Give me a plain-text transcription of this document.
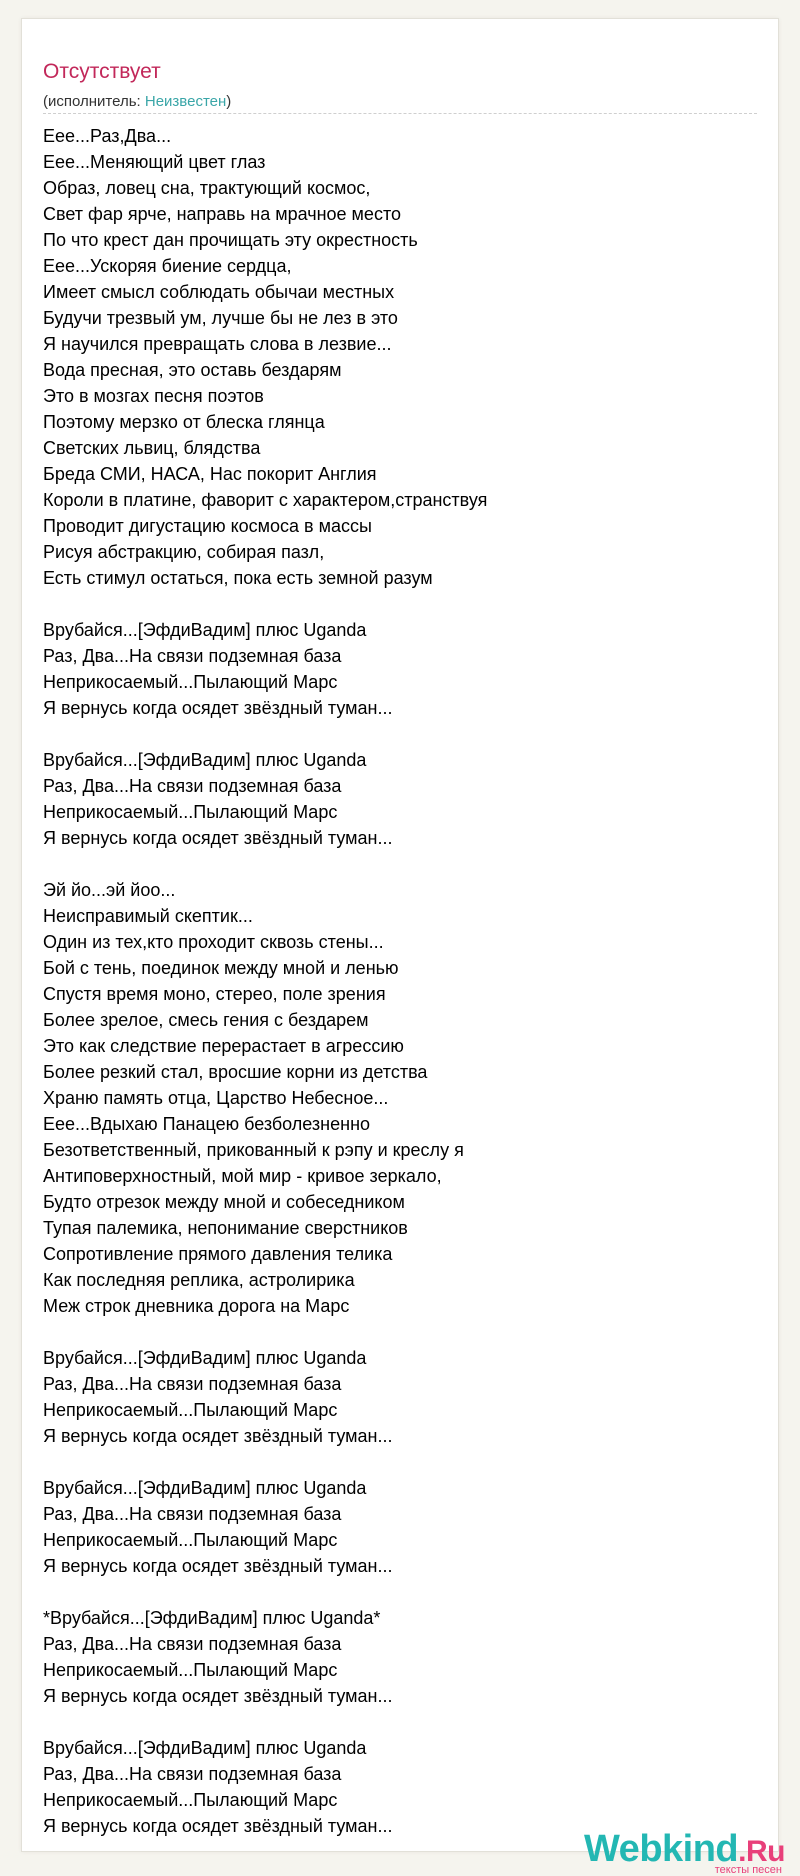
Отсутствует
(исполнитель: Неизвестен)
Еее...Раз,Два...
Еее...Меняющий цвет глаз
Образ, ловец сна, трактующий космос,
Свет фар ярче, направь на мрачное место
По что крест дан прочищать эту окрестность
Еее...Ускоряя биение сердца,
Имеет смысл соблюдать обычаи местных
Будучи трезвый ум, лучше бы не лез в это
Я научился превращать слова в лезвие...
Вода пресная, это оставь бездарям
Это в мозгах песня поэтов
Поэтому мерзко от блеска глянца
Светских львиц, блядства
Бреда СМИ, НАСА, Нас покорит Англия
Короли в платине, фаворит с характером,странствуя
Проводит дигустацию космоса в массы
Рисуя абстракцию, собирая пазл,
Есть стимул остаться, пока есть земной разум
Врубайся...[ЭфдиВадим] плюс Uganda
Раз, Два...На связи подземная база
Неприкосаемый...Пылающий Марс
Я вернусь когда осядет звёздный туман...
Врубайся...[ЭфдиВадим] плюс Uganda
Раз, Два...На связи подземная база
Неприкосаемый...Пылающий Марс
Я вернусь когда осядет звёздный туман...
Эй йо...эй йоо...
Неисправимый скептик...
Один из тех,кто проходит сквозь стены...
Бой с тень, поединок между мной и ленью
Спустя время моно, стерео, поле зрения
Более зрелое, смесь гения с бездарем
Это как следствие перерастает в агрессию
Более резкий стал, вросшие корни из детства
Храню память отца, Царство Небесное...
Еее...Вдыхаю Панацею безболезненно
Безответственный, прикованный к рэпу и креслу я
Антиповерхностный, мой мир - кривое зеркало,
Будто отрезок между мной и собеседником
Тупая палемика, непонимание сверстников
Сопротивление прямого давления телика
Как последняя реплика, астролирика
Меж строк дневника дорога на Марс
Врубайся...[ЭфдиВадим] плюс Uganda
Раз, Два...На связи подземная база
Неприкосаемый...Пылающий Марс
Я вернусь когда осядет звёздный туман...
Врубайся...[ЭфдиВадим] плюс Uganda
Раз, Два...На связи подземная база
Неприкосаемый...Пылающий Марс
Я вернусь когда осядет звёздный туман...
*Врубайся...[ЭфдиВадим] плюс Uganda*
Раз, Два...На связи подземная база
Неприкосаемый...Пылающий Марс
Я вернусь когда осядет звёздный туман...
Врубайся...[ЭфдиВадим] плюс Uganda
Раз, Два...На связи подземная база
Неприкосаемый...Пылающий Марс
Я вернусь когда осядет звёздный туман...
Webkind.Ru
тексты песен
